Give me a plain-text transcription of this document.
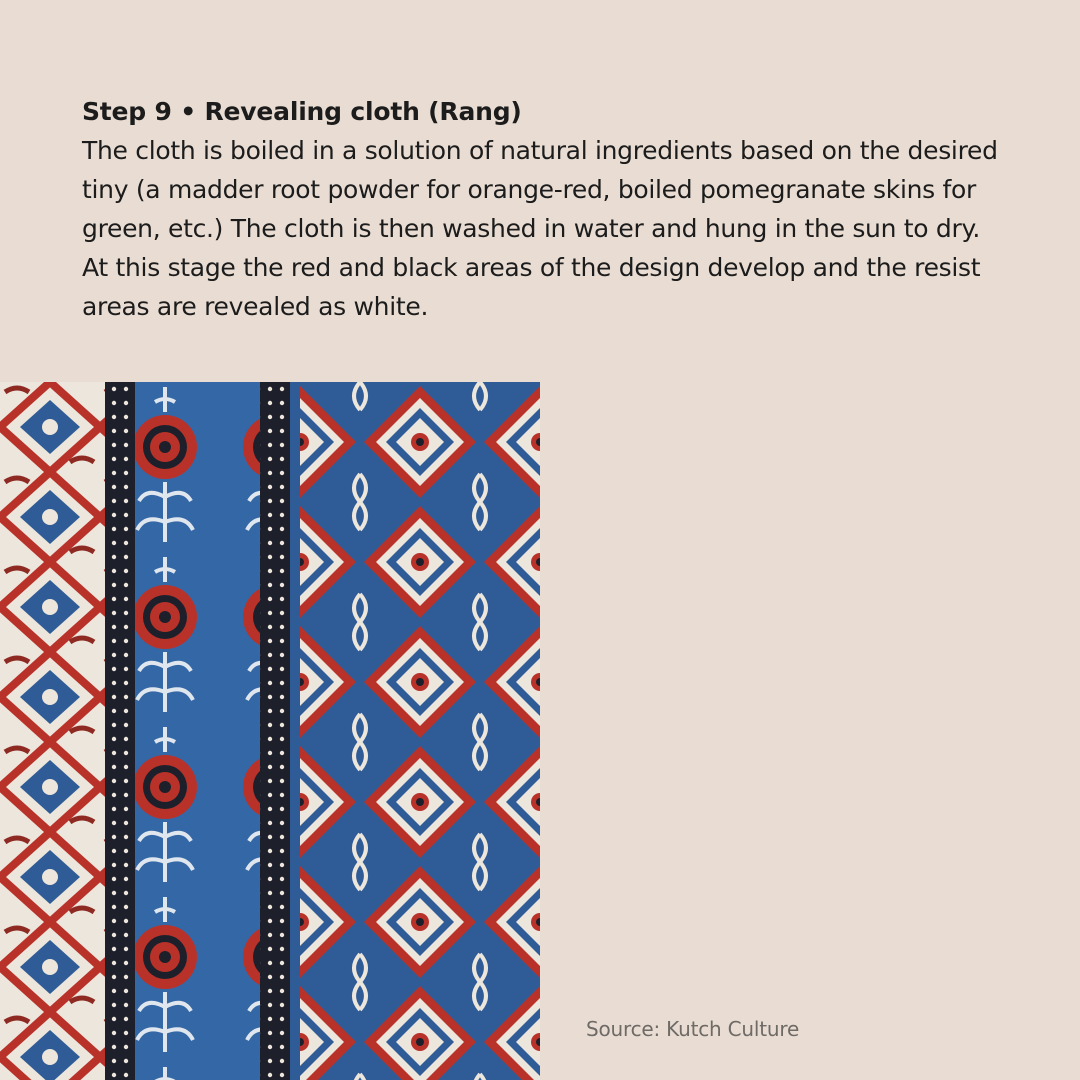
Step 9 • Revealing cloth (Rang)

The cloth is boiled in a solution of natural ingredients based on the desired tiny (a madder root powder for orange-red, boiled pomegranate skins for green, etc.) The cloth is then washed in water and hung in the sun to dry. At this stage the red and black areas of the design develop and the resist areas are revealed as white.

Source: Kutch Culture
